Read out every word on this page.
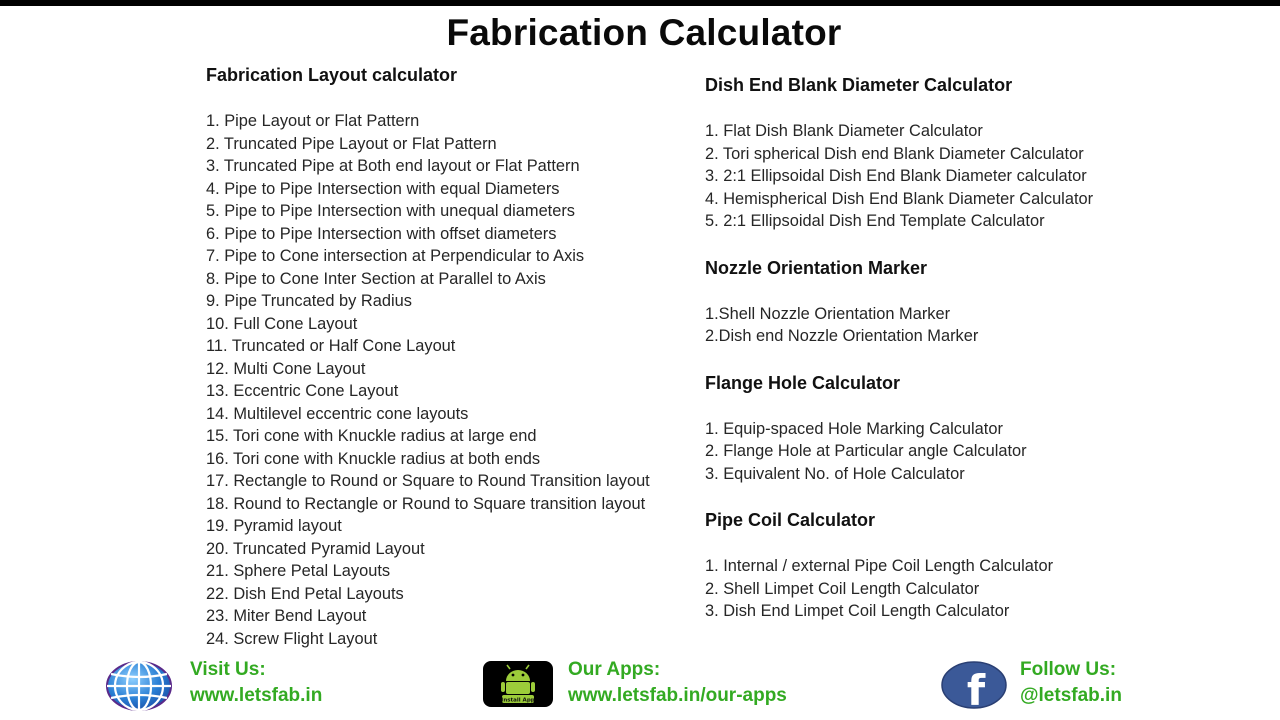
Fabrication Calculator
Fabrication Layout calculator
1. Pipe Layout or Flat Pattern
2. Truncated Pipe Layout or Flat Pattern
3. Truncated Pipe at Both end layout or Flat Pattern
4. Pipe to Pipe Intersection with equal Diameters
5. Pipe to Pipe Intersection with unequal diameters
6. Pipe to Pipe Intersection with offset diameters
7. Pipe to Cone intersection at Perpendicular to Axis
8. Pipe to Cone Inter Section at Parallel to Axis
9. Pipe Truncated by Radius
10. Full Cone Layout
11. Truncated or Half Cone Layout
12. Multi Cone Layout
13. Eccentric Cone Layout
14. Multilevel eccentric cone layouts
15. Tori cone with Knuckle radius at large end
16. Tori cone with Knuckle radius at both ends
17. Rectangle to Round or Square to Round Transition layout
18. Round to Rectangle or Round to Square transition layout
19. Pyramid layout
20. Truncated Pyramid Layout
21. Sphere Petal Layouts
22. Dish End Petal Layouts
23. Miter Bend Layout
24. Screw Flight Layout
Dish End Blank Diameter Calculator
1. Flat Dish Blank Diameter Calculator
2. Tori spherical Dish end Blank Diameter Calculator
3. 2:1 Ellipsoidal Dish End Blank Diameter calculator
4. Hemispherical Dish End Blank Diameter Calculator
5. 2:1 Ellipsoidal Dish End Template Calculator
Nozzle Orientation Marker
1.Shell Nozzle Orientation Marker
2.Dish end Nozzle Orientation Marker
Flange Hole Calculator
1. Equip-spaced Hole Marking Calculator
2. Flange Hole at Particular angle Calculator
3. Equivalent No. of Hole Calculator
Pipe Coil Calculator
1. Internal / external Pipe Coil Length Calculator
2. Shell Limpet Coil Length Calculator
3. Dish End Limpet Coil Length Calculator
Visit Us:
www.letsfab.in	Install App
Our Apps:
www.letsfab.in/our-apps	f Follow Us:
@letsfab.in
